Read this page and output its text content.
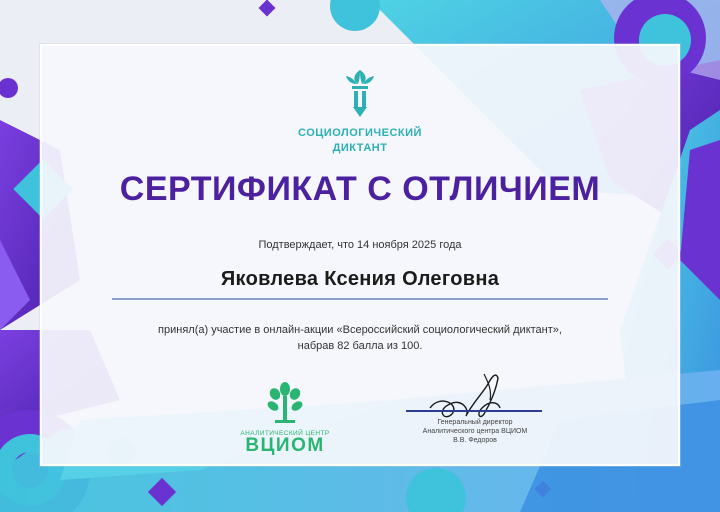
СОЦИОЛОГИЧЕСКИЙ
ДИКТАНТ
СЕРТИФИКАТ С ОТЛИЧИЕМ
Подтверждает, что 14 ноября 2025 года
Яковлева Ксения Олеговна
принял(а) участие в онлайн-акции «Всероссийский социологический диктант»,
набрав 82 балла из 100.
АНАЛИТИЧЕСКИЙ ЦЕНТР
ВЦИОМ
Генеральный директор
Аналитического центра ВЦИОМ
В.В. Федоров
